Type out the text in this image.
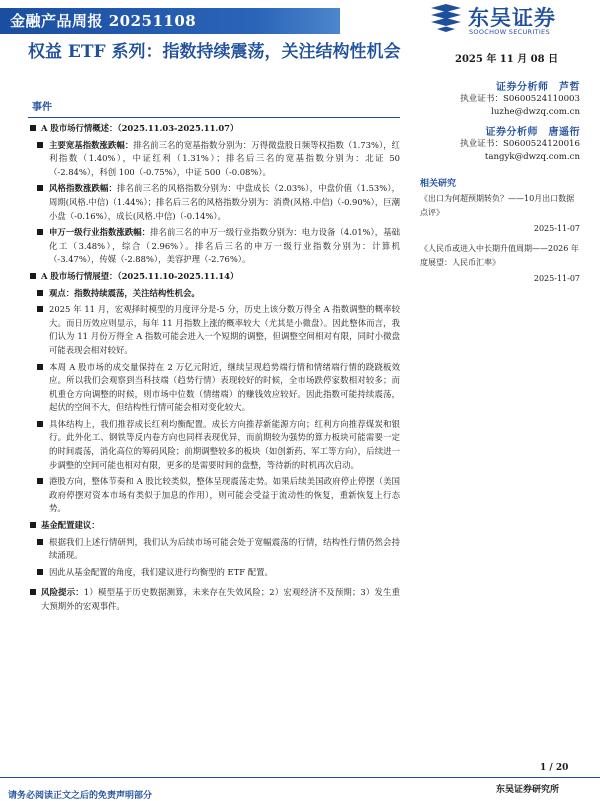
金融产品周报 20251108	东吴证券
SOOCHOW SECURITIES
权益 ETF 系列：指数持续震荡，关注结构性机会	2025 年 11 月 08 日
事件
A 股市场行情概述：（2025.11.03-2025.11.07）
主要宽基指数涨跌幅：排名前三名的宽基指数分别为：万得微盘股日频等权指数（1.73%），红利指数（1.40%），中证红利（1.31%）；排名后三名的宽基指数分别为：北证 50（-2.84%），科创 100（-0.75%），中证 500（-0.08%）。
风格指数涨跌幅：排名前三名的风格指数分别为：中盘成长（2.03%），中盘价值（1.53%），周期(风格.中信)（1.44%）；排名后三名的风格指数分别为：消费(风格.中信)（-0.90%），巨潮小盘（-0.16%），成长(风格.中信)（-0.14%）。
申万一级行业指数涨跌幅：排名前三名的申万一级行业指数分别为：电力设备（4.01%），基础化工（3.48%），综合（2.96%）。排名后三名的申万一级行业指数分别为：计算机（-3.47%），传媒（-2.88%），美容护理（-2.76%）。
A 股市场行情展望：（2025.11.10-2025.11.14）
观点：指数持续震荡，关注结构性机会。
2025 年 11 月，宏观择时模型的月度评分是-5 分，历史上该分数万得全 A 指数调整的概率较大。而日历效应则显示，每年 11 月指数上涨的概率较大（尤其是小微盘）。因此整体而言，我们认为 11 月份万得全 A 指数可能会进入一个短期的调整，但调整空间相对有限，同时小微盘可能表现会相对较好。
本周 A 股市场的成交量保持在 2 万亿元附近，继续呈现趋势端行情和情绪端行情的跷跷板效应。所以我们会观察到当科技端（趋势行情）表现较好的时候，全市场跌停家数相对较多；而机重仓方向调整的时候，则市场中位数（情绪端）的赚钱效应较好。因此指数可能持续震荡，起伏的空间不大，但结构性行情可能会相对变化较大。
具体结构上，我们推荐成长红利均衡配置。成长方向推荐新能源方向；红利方向推荐煤炭和银行。此外化工、钢铁等反内卷方向也同样表现优异，而前期较为强势的算力板块可能需要一定的时间震荡，消化高位的筹码风险；前期调整较多的板块（如创新药、军工等方向），后续进一步调整的空间可能也相对有限，更多的是需要时间的盘整，等待新的时机再次启动。
港股方向，整体节奏和 A 股比较类似，整体呈现震荡走势。如果后续美国政府停止停摆（美国政府停摆对资本市场有类似于加息的作用），则可能会受益于流动性的恢复，重新恢复上行态势。
基金配置建议：
根据我们上述行情研判，我们认为后续市场可能会处于宽幅震荡的行情，结构性行情仍然会持续涌现。
因此从基金配置的角度，我们建议进行均衡型的 ETF 配置。
风险提示：1）模型基于历史数据测算，未来存在失效风险；2）宏观经济不及预期；3）发生重大预期外的宏观事件。
证券分析师　芦哲
执业证书：S0600524110003
luzhe@dwzq.com.cn
证券分析师　唐遥衎
执业证书：S0600524120016
tangyk@dwzq.com.cn
相关研究
《出口为何超预期转负？——10月出口数据点评》
2025-11-07
《人民币或进入中长期升值周期——2026 年度展望：人民币汇率》
2025-11-07
1 / 20
请务必阅读正文之后的免责声明部分
东吴证券研究所
